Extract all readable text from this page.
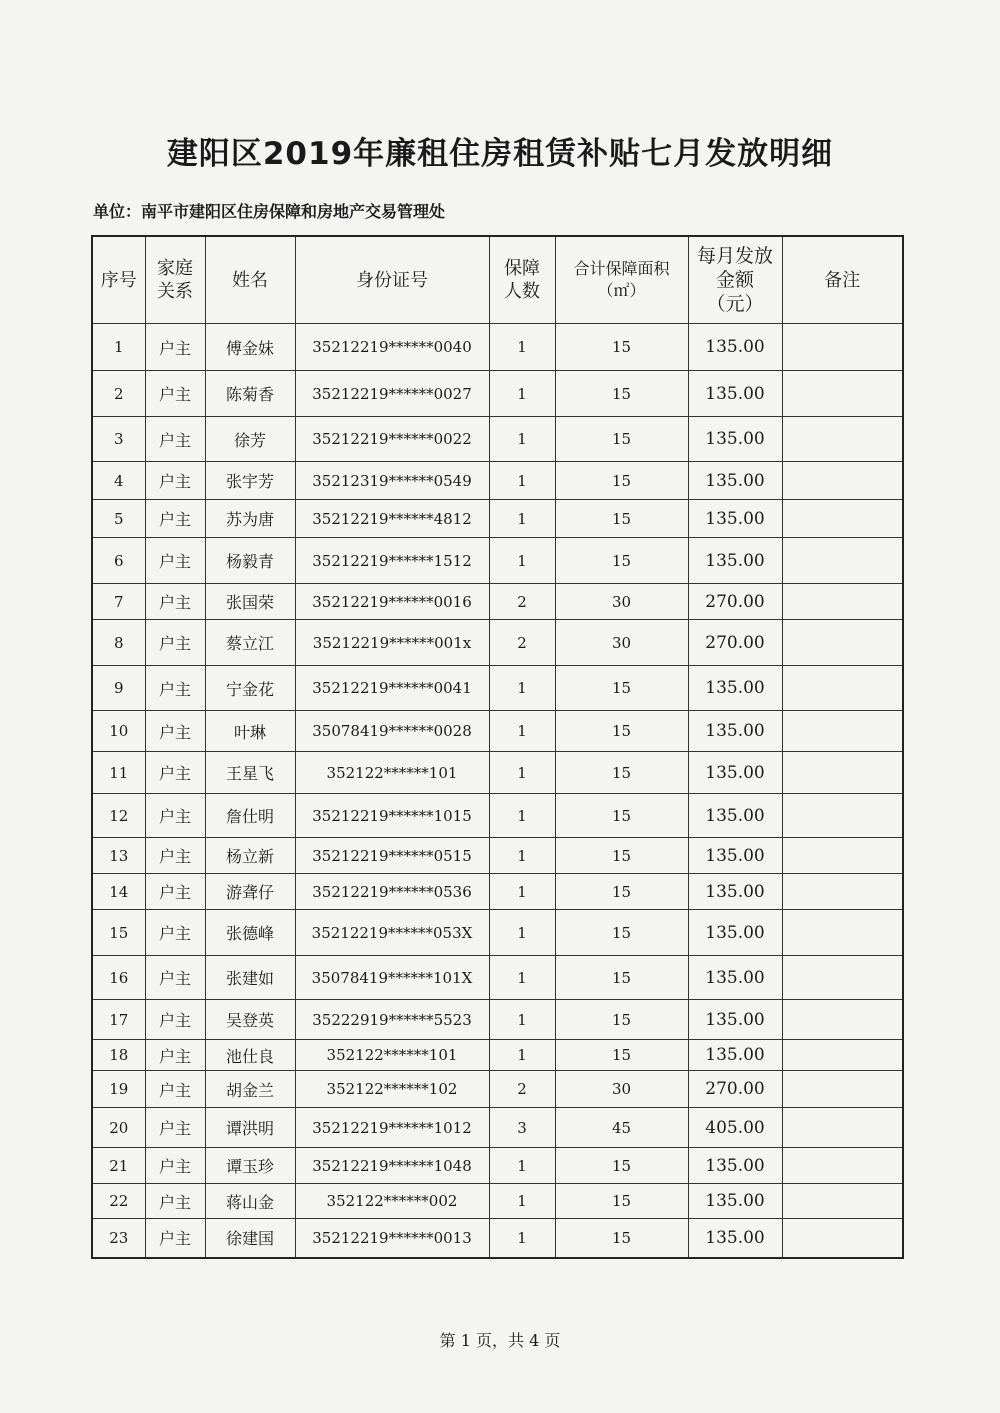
建阳区2019年廉租住房租赁补贴七月发放明细
单位：南平市建阳区住房保障和房地产交易管理处
序号	家庭关系	姓名	身份证号	保障人数	合计保障面积（㎡）	每月发放金额（元）	备注
1	户主	傅金妹	35212219******0040	1	15	135.00	
2	户主	陈菊香	35212219******0027	1	15	135.00	
3	户主	徐芳	35212219******0022	1	15	135.00	
4	户主	张宇芳	35212319******0549	1	15	135.00	
5	户主	苏为唐	35212219******4812	1	15	135.00	
6	户主	杨毅青	35212219******1512	1	15	135.00	
7	户主	张国荣	35212219******0016	2	30	270.00	
8	户主	蔡立江	35212219******001x	2	30	270.00	
9	户主	宁金花	35212219******0041	1	15	135.00	
10	户主	叶琳	35078419******0028	1	15	135.00	
11	户主	王星飞	352122******101	1	15	135.00	
12	户主	詹仕明	35212219******1015	1	15	135.00	
13	户主	杨立新	35212219******0515	1	15	135.00	
14	户主	游聋仔	35212219******0536	1	15	135.00	
15	户主	张德峰	35212219******053X	1	15	135.00	
16	户主	张建如	35078419******101X	1	15	135.00	
17	户主	吴登英	35222919******5523	1	15	135.00	
18	户主	池仕良	352122******101	1	15	135.00	
19	户主	胡金兰	352122******102	2	30	270.00	
20	户主	谭洪明	35212219******1012	3	45	405.00	
21	户主	谭玉珍	35212219******1048	1	15	135.00	
22	户主	蒋山金	352122******002	1	15	135.00	
23	户主	徐建国	35212219******0013	1	15	135.00	
第 1 页，共 4 页
